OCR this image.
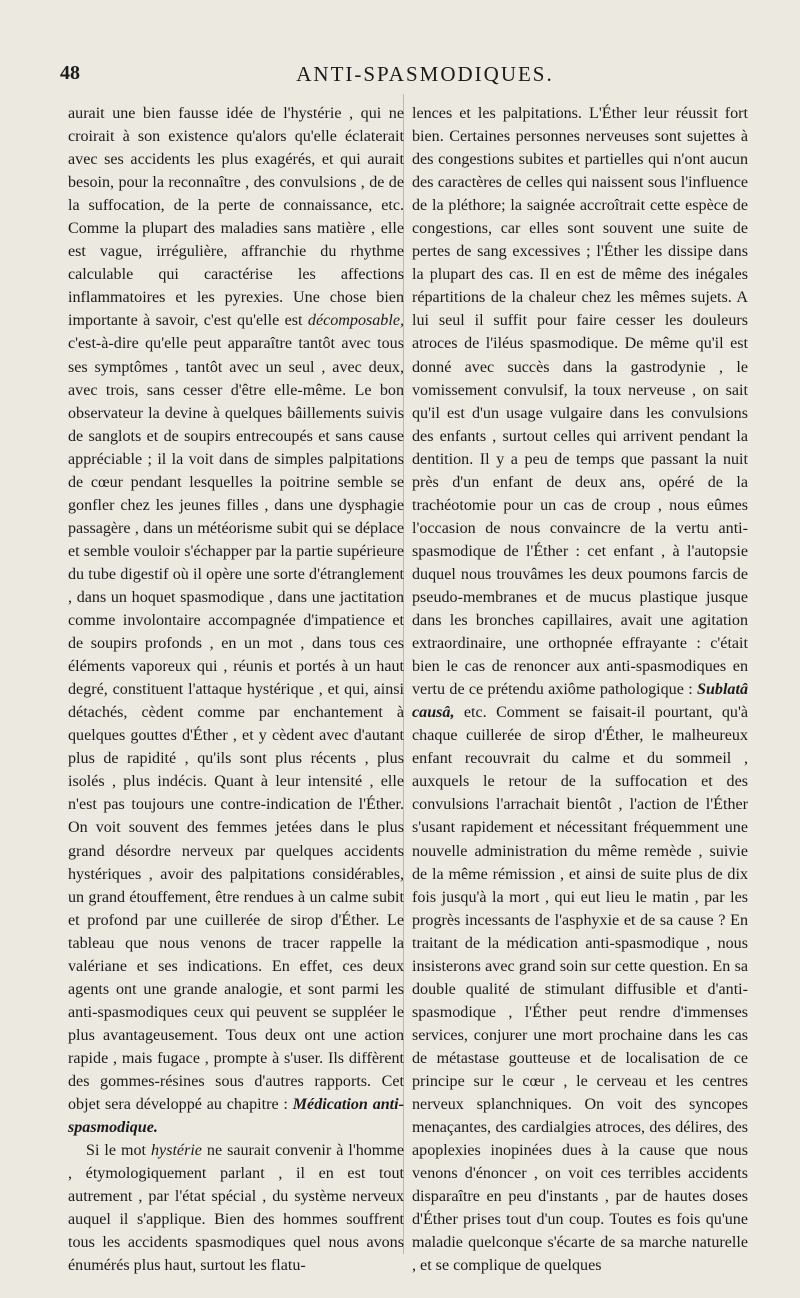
48	ANTI-SPASMODIQUES.

aurait une bien fausse idée de l'hystérie , qui ne croirait à son existence qu'alors qu'elle éclaterait avec ses accidents les plus exagérés, et qui aurait besoin, pour la reconnaître , des convulsions , de de la suffocation, de la perte de connaissance, etc. Comme la plupart des maladies sans matière , elle est vague, irrégulière, affranchie du rhythme calculable qui caractérise les affections inflammatoires et les pyrexies. Une chose bien importante à savoir, c'est qu'elle est décomposable, c'est-à-dire qu'elle peut apparaître tantôt avec tous ses symptômes , tantôt avec un seul , avec deux, avec trois, sans cesser d'être elle-même. Le bon observateur la devine à quelques bâillements suivis de sanglots et de soupirs entrecoupés et sans cause appréciable ; il la voit dans de simples palpitations de cœur pendant lesquelles la poitrine semble se gonfler chez les jeunes filles , dans une dysphagie passagère , dans un météorisme subit qui se déplace et semble vouloir s'échapper par la partie supérieure du tube digestif où il opère une sorte d'étranglement , dans un hoquet spasmodique , dans une jactitation comme involontaire accompagnée d'impatience et de soupirs profonds , en un mot , dans tous ces éléments vaporeux qui , réunis et portés à un haut degré, constituent l'attaque hystérique , et qui, ainsi détachés, cèdent comme par enchantement à quelques gouttes d'Éther , et y cèdent avec d'autant plus de rapidité , qu'ils sont plus récents , plus isolés , plus indécis. Quant à leur intensité , elle n'est pas toujours une contre-indication de l'Éther. On voit souvent des femmes jetées dans le plus grand désordre nerveux par quelques accidents hystériques , avoir des palpitations considérables, un grand étouffement, être rendues à un calme subit et profond par une cuillerée de sirop d'Éther. Le tableau que nous venons de tracer rappelle la valériane et ses indications. En effet, ces deux agents ont une grande analogie, et sont parmi les anti-spasmodiques ceux qui peuvent se suppléer le plus avantageusement. Tous deux ont une action rapide , mais fugace , prompte à s'user. Ils diffèrent des gommes-résines sous d'autres rapports. Cet objet sera développé au chapitre : Médication anti-spasmodique.

Si le mot hystérie ne saurait convenir à l'homme , étymologiquement parlant , il en est tout autrement , par l'état spécial , du système nerveux auquel il s'applique. Bien des hommes souffrent tous les accidents spasmodiques quel nous avons énumérés plus haut, surtout les flatu-

lences et les palpitations. L'Éther leur réussit fort bien. Certaines personnes nerveuses sont sujettes à des congestions subites et partielles qui n'ont aucun des caractères de celles qui naissent sous l'influence de la pléthore; la saignée accroîtrait cette espèce de congestions, car elles sont souvent une suite de pertes de sang excessives ; l'Éther les dissipe dans la plupart des cas. Il en est de même des inégales répartitions de la chaleur chez les mêmes sujets. A lui seul il suffit pour faire cesser les douleurs atroces de l'iléus spasmodique. De même qu'il est donné avec succès dans la gastrodynie , le vomissement convulsif, la toux nerveuse , on sait qu'il est d'un usage vulgaire dans les convulsions des enfants , surtout celles qui arrivent pendant la dentition. Il y a peu de temps que passant la nuit près d'un enfant de deux ans, opéré de la trachéotomie pour un cas de croup , nous eûmes l'occasion de nous convaincre de la vertu anti-spasmodique de l'Éther : cet enfant , à l'autopsie duquel nous trouvâmes les deux poumons farcis de pseudo-membranes et de mucus plastique jusque dans les bronches capillaires, avait une agitation extraordinaire, une orthopnée effrayante : c'était bien le cas de renoncer aux anti-spasmodiques en vertu de ce prétendu axiôme pathologique : Sublatâ causâ, etc. Comment se faisait-il pourtant, qu'à chaque cuillerée de sirop d'Éther, le malheureux enfant recouvrait du calme et du sommeil , auxquels le retour de la suffocation et des convulsions l'arrachait bientôt , l'action de l'Éther s'usant rapidement et nécessitant fréquemment une nouvelle administration du même remède , suivie de la même rémission , et ainsi de suite plus de dix fois jusqu'à la mort , qui eut lieu le matin , par les progrès incessants de l'asphyxie et de sa cause ? En traitant de la médication anti-spasmodique , nous insisterons avec grand soin sur cette question. En sa double qualité de stimulant diffusible et d'anti-spasmodique , l'Éther peut rendre d'immenses services, conjurer une mort prochaine dans les cas de métastase goutteuse et de localisation de ce principe sur le cœur , le cerveau et les centres nerveux splanchniques. On voit des syncopes menaçantes, des cardialgies atroces, des délires, des apoplexies inopinées dues à la cause que nous venons d'énoncer , on voit ces terribles accidents disparaître en peu d'instants , par de hautes doses d'Éther prises tout d'un coup. Toutes es fois qu'une maladie quelconque s'écarte de sa marche naturelle , et se complique de quelques
